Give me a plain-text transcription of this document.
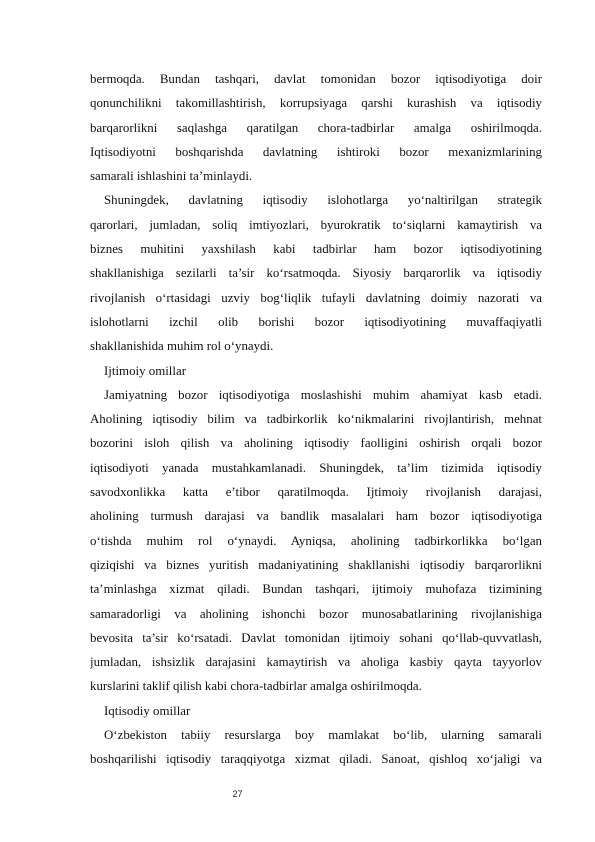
bermoqda. Bundan tashqari, davlat tomonidan bozor iqtisodiyotiga doir
qonunchilikni takomillashtirish, korrupsiyaga qarshi kurashish va iqtisodiy
barqarorlikni saqlashga qaratilgan chora-tadbirlar amalga oshirilmoqda.
Iqtisodiyotni boshqarishda davlatning ishtiroki bozor mexanizmlarining
samarali ishlashini ta’minlaydi.
Shuningdek, davlatning iqtisodiy islohotlarga yo‘naltirilgan strategik
qarorlari, jumladan, soliq imtiyozlari, byurokratik to‘siqlarni kamaytirish va
biznes muhitini yaxshilash kabi tadbirlar ham bozor iqtisodiyotining
shakllanishiga sezilarli ta’sir ko‘rsatmoqda. Siyosiy barqarorlik va iqtisodiy
rivojlanish o‘rtasidagi uzviy bog‘liqlik tufayli davlatning doimiy nazorati va
islohotlarni izchil olib borishi bozor iqtisodiyotining muvaffaqiyatli
shakllanishida muhim rol o‘ynaydi.
Ijtimoiy omillar
Jamiyatning bozor iqtisodiyotiga moslashishi muhim ahamiyat kasb etadi.
Aholining iqtisodiy bilim va tadbirkorlik ko‘nikmalarini rivojlantirish, mehnat
bozorini isloh qilish va aholining iqtisodiy faolligini oshirish orqali bozor
iqtisodiyoti yanada mustahkamlanadi. Shuningdek, ta’lim tizimida iqtisodiy
savodxonlikka katta e’tibor qaratilmoqda. Ijtimoiy rivojlanish darajasi,
aholining turmush darajasi va bandlik masalalari ham bozor iqtisodiyotiga
o‘tishda muhim rol o‘ynaydi. Ayniqsa, aholining tadbirkorlikka bo‘lgan
qiziqishi va biznes yuritish madaniyatining shakllanishi iqtisodiy barqarorlikni
ta’minlashga xizmat qiladi. Bundan tashqari, ijtimoiy muhofaza tizimining
samaradorligi va aholining ishonchi bozor munosabatlarining rivojlanishiga
bevosita ta’sir ko‘rsatadi. Davlat tomonidan ijtimoiy sohani qo‘llab-quvvatlash,
jumladan, ishsizlik darajasini kamaytirish va aholiga kasbiy qayta tayyorlov
kurslarini taklif qilish kabi chora-tadbirlar amalga oshirilmoqda.
Iqtisodiy omillar
O‘zbekiston tabiiy resurslarga boy mamlakat bo‘lib, ularning samarali
boshqarilishi iqtisodiy taraqqiyotga xizmat qiladi. Sanoat, qishloq xo‘jaligi va
27
